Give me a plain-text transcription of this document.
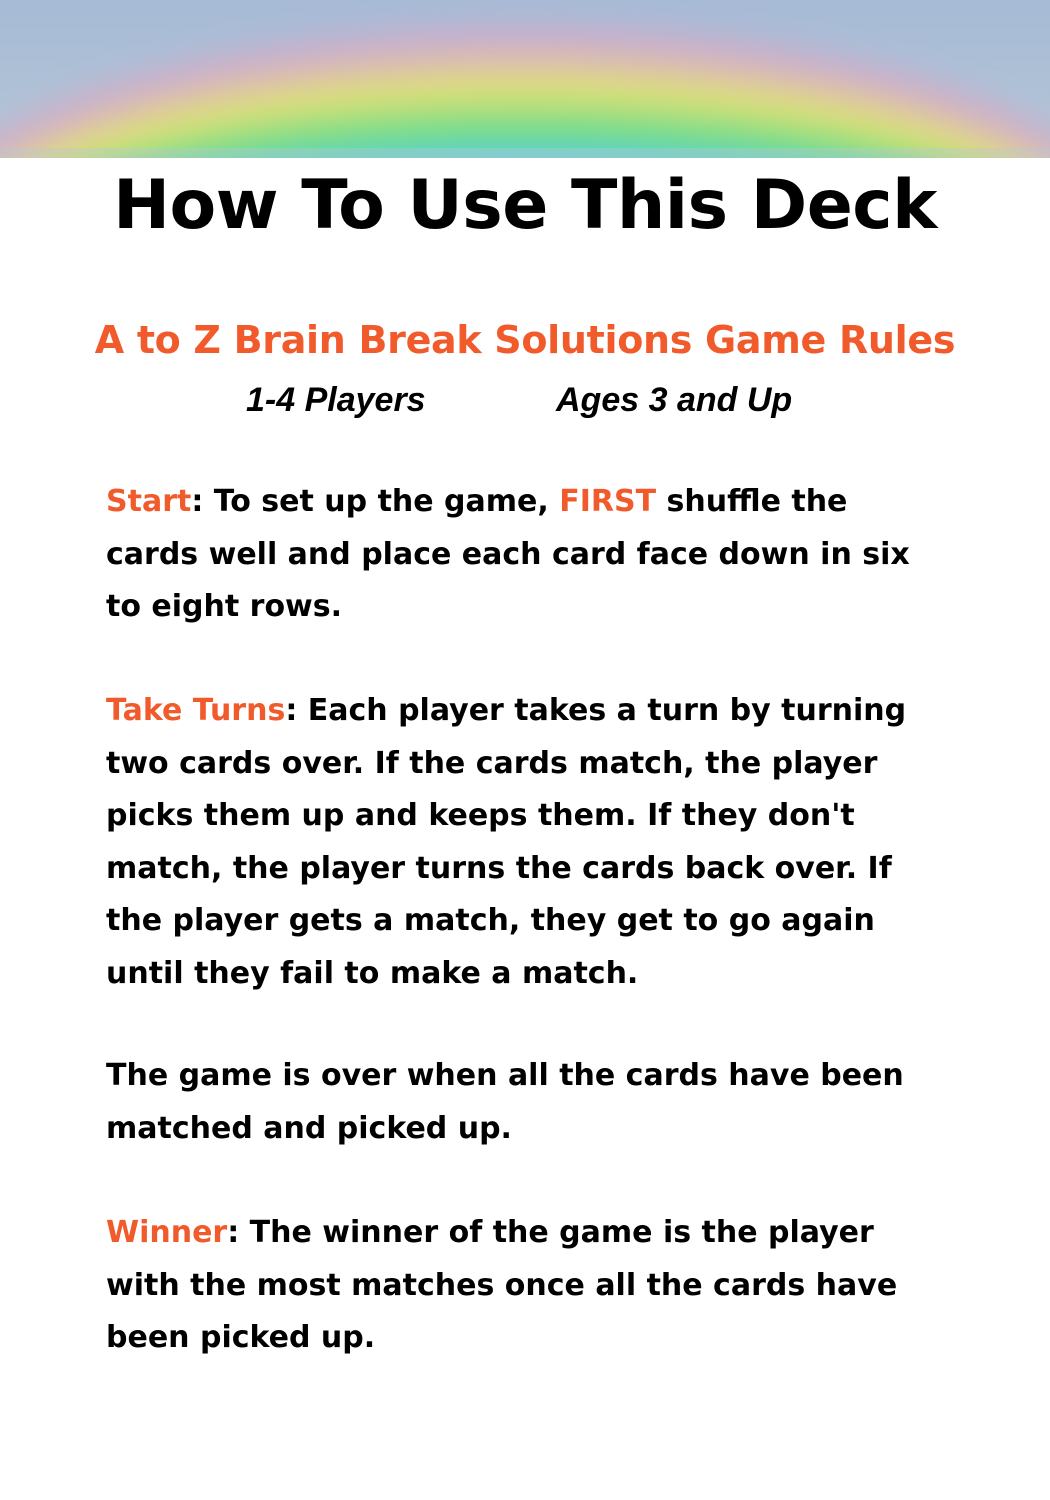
How To Use This Deck
A to Z Brain Break Solutions Game Rules
1-4 Players	Ages 3 and Up

Start: To set up the game, FIRST shuffle the cards well and place each card face down in six to eight rows.

Take Turns: Each player takes a turn by turning two cards over. If the cards match, the player picks them up and keeps them. If they don't match, the player turns the cards back over. If the player gets a match, they get to go again until they fail to make a match.

The game is over when all the cards have been matched and picked up.

Winner: The winner of the game is the player with the most matches once all the cards have been picked up.
